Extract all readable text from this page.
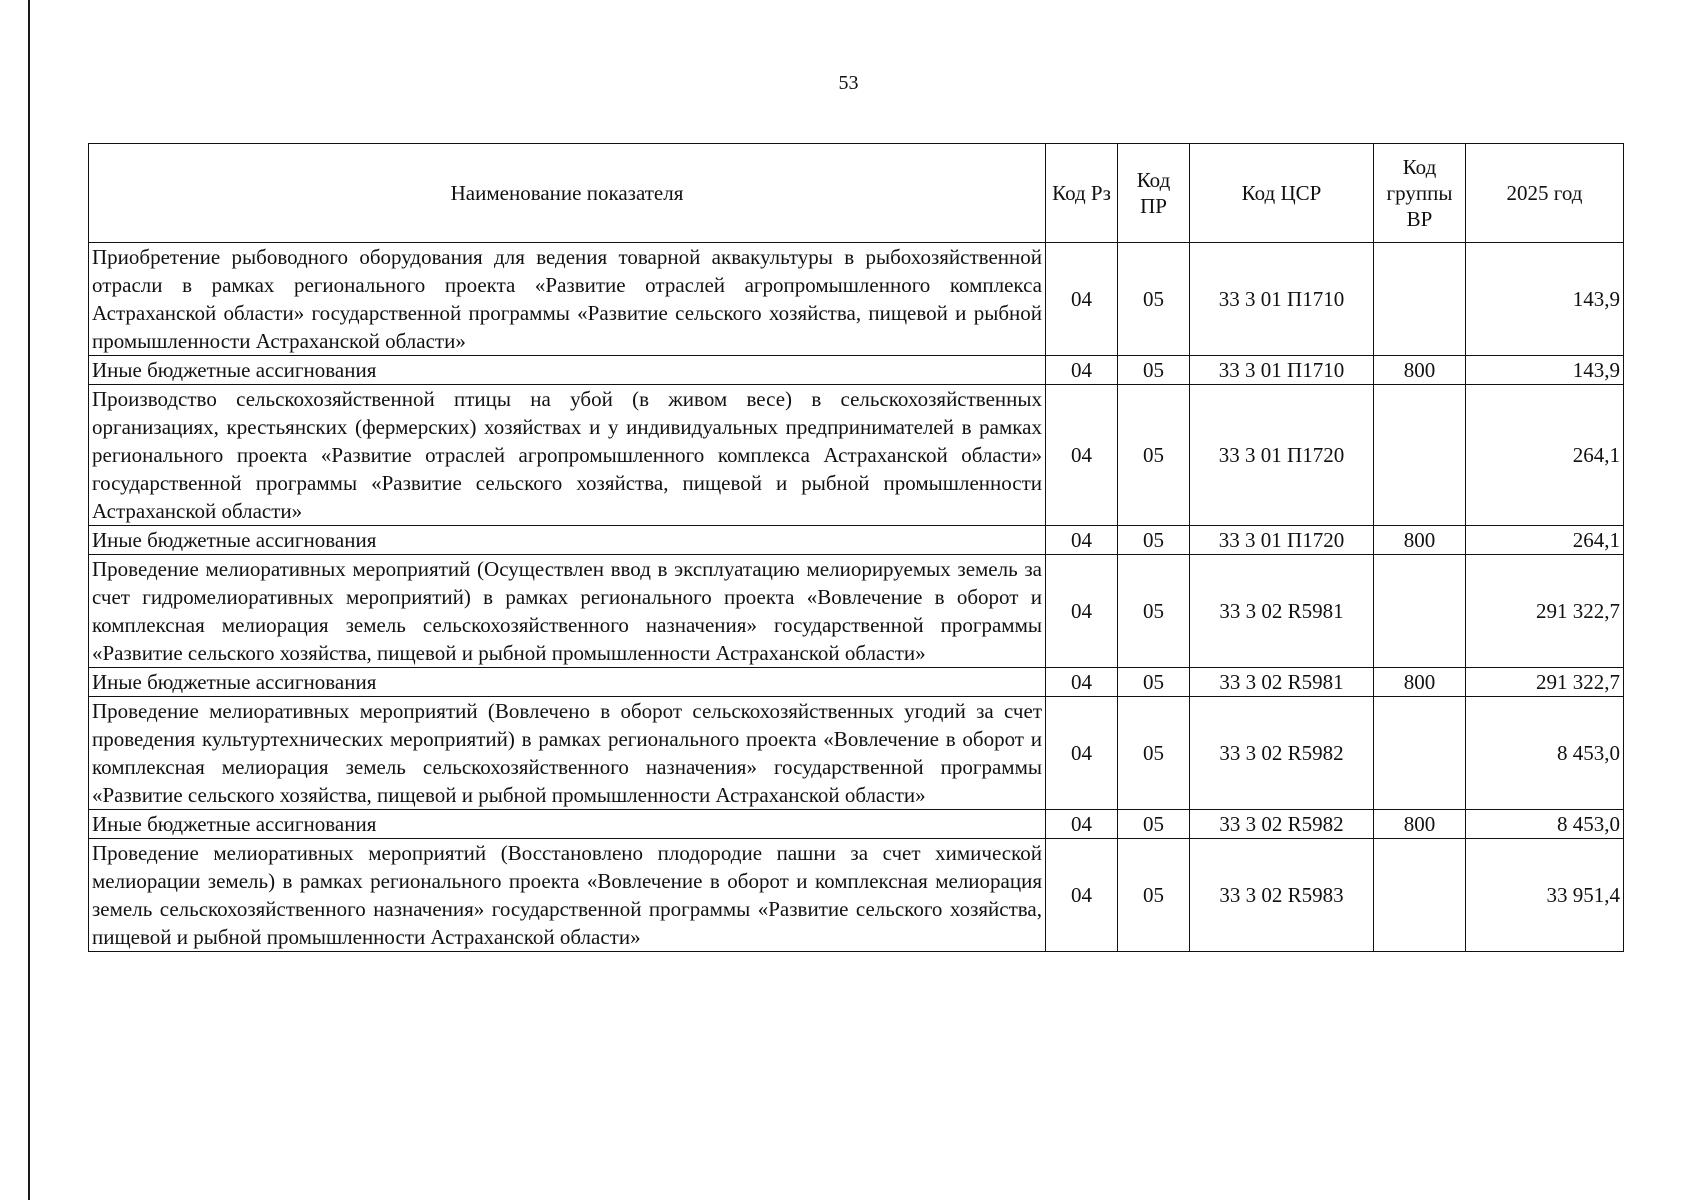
53
Наименование показателя	Код Рз	Код ПР	Код ЦСР	Код группы ВР	2025 год
Приобретение рыбоводного оборудования для ведения товарной аквакультуры в рыбохозяйственной отрасли в рамках регионального проекта «Развитие отраслей агропромышленного комплекса Астраханской области» государственной программы «Развитие сельского хозяйства, пищевой и рыбной промышленности Астраханской области»	04	05	33 3 01 П1710		143,9
Иные бюджетные ассигнования	04	05	33 3 01 П1710	800	143,9
Производство сельскохозяйственной птицы на убой (в живом весе) в сельскохозяйственных организациях, крестьянских (фермерских) хозяйствах и у индивидуальных предпринимателей в рамках регионального проекта «Развитие отраслей агропромышленного комплекса Астраханской области» государственной программы «Развитие сельского хозяйства, пищевой и рыбной промышленности Астраханской области»	04	05	33 3 01 П1720		264,1
Иные бюджетные ассигнования	04	05	33 3 01 П1720	800	264,1
Проведение мелиоративных мероприятий (Осуществлен ввод в эксплуатацию мелиорируемых земель за счет гидромелиоративных мероприятий) в рамках регионального проекта «Вовлечение в оборот и комплексная мелиорация земель сельскохозяйственного назначения» государственной программы «Развитие сельского хозяйства, пищевой и рыбной промышленности Астраханской области»	04	05	33 3 02 R5981		291 322,7
Иные бюджетные ассигнования	04	05	33 3 02 R5981	800	291 322,7
Проведение мелиоративных мероприятий (Вовлечено в оборот сельскохозяйственных угодий за счет проведения культуртехнических мероприятий) в рамках регионального проекта «Вовлечение в оборот и комплексная мелиорация земель сельскохозяйственного назначения» государственной программы «Развитие сельского хозяйства, пищевой и рыбной промышленности Астраханской области»	04	05	33 3 02 R5982		8 453,0
Иные бюджетные ассигнования	04	05	33 3 02 R5982	800	8 453,0
Проведение мелиоративных мероприятий (Восстановлено плодородие пашни за счет химической мелиорации земель) в рамках регионального проекта «Вовлечение в оборот и комплексная мелиорация земель сельскохозяйственного назначения» государственной программы «Развитие сельского хозяйства, пищевой и рыбной промышленности Астраханской области»	04	05	33 3 02 R5983		33 951,4
